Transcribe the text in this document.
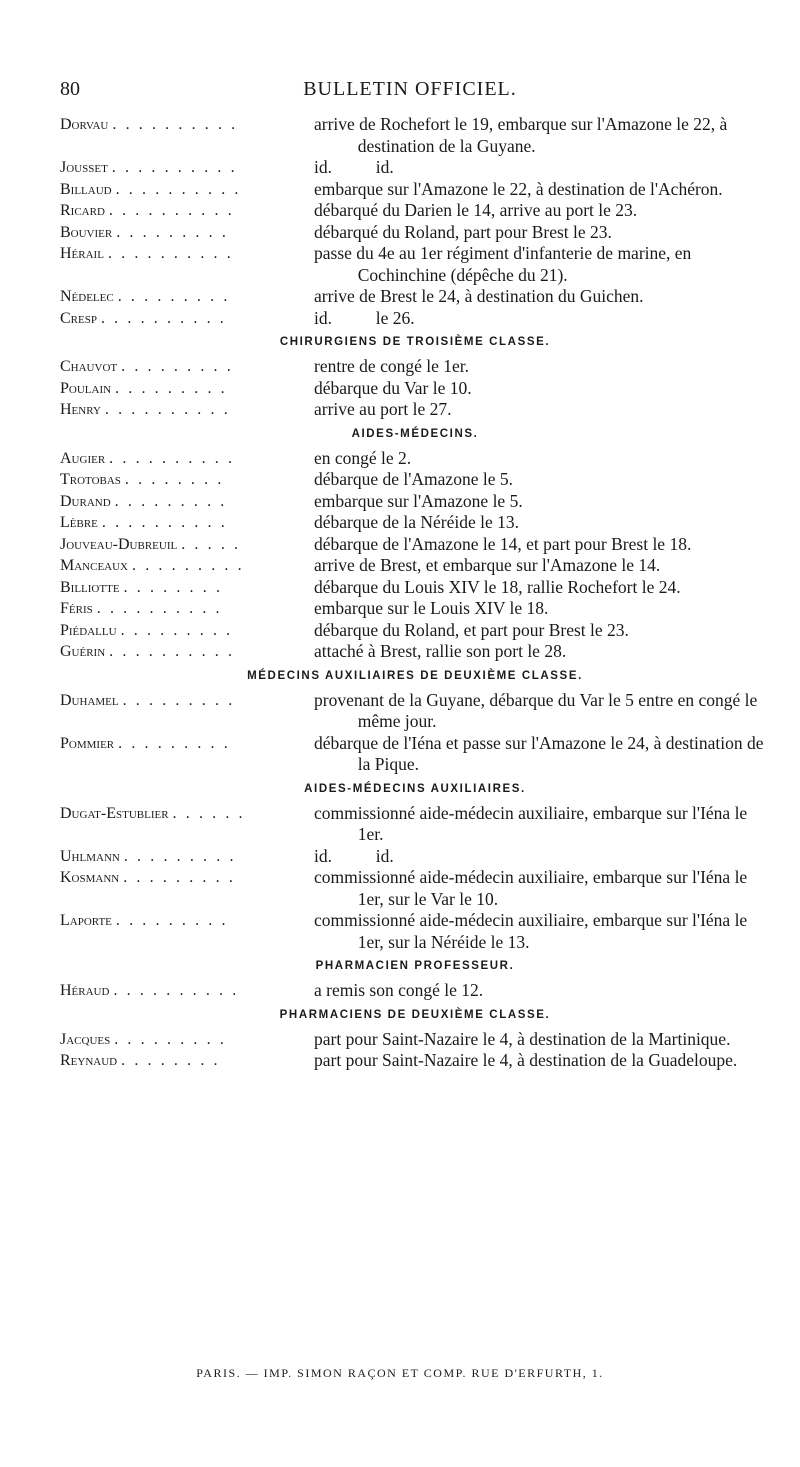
80	BULLETIN OFFICIEL.
Dorvau . . . . . . . . . .	arrive de Rochefort le 19, embarque sur l'Amazone le 22, à destination de la Guyane.
Jousset . . . . . . . . . .	id.          id.
Billaud . . . . . . . . . .	embarque sur l'Amazone le 22, à destination de l'Achéron.
Ricard . . . . . . . . . .	débarqué du Darien le 14, arrive au port le 23.
Bouvier . . . . . . . . .	débarqué du Roland, part pour Brest le 23.
Hérail . . . . . . . . . .	passe du 4e au 1er régiment d'infanterie de marine, en Cochinchine (dépêche du 21).
Nédelec . . . . . . . . .	arrive de Brest le 24, à destination du Guichen.
Cresp . . . . . . . . . .	id.          le 26.
CHIRURGIENS DE TROISIÈME CLASSE.
Chauvot . . . . . . . . .	rentre de congé le 1er.
Poulain . . . . . . . . .	débarque du Var le 10.
Henry . . . . . . . . . .	arrive au port le 27.
AIDES-MÉDECINS.
Augier . . . . . . . . . .	en congé le 2.
Trotobas . . . . . . . .	débarque de l'Amazone le 5.
Durand . . . . . . . . .	embarque sur l'Amazone le 5.
Lèbre . . . . . . . . . .	débarque de la Néréide le 13.
Jouveau-Dubreuil . . . . .	débarque de l'Amazone le 14, et part pour Brest le 18.
Manceaux . . . . . . . . .	arrive de Brest, et embarque sur l'Amazone le 14.
Billiotte . . . . . . . .	débarque du Louis XIV le 18, rallie Rochefort le 24.
Féris . . . . . . . . . .	embarque sur le Louis XIV le 18.
Piédallu . . . . . . . . .	débarque du Roland, et part pour Brest le 23.
Guérin . . . . . . . . . .	attaché à Brest, rallie son port le 28.
MÉDECINS AUXILIAIRES DE DEUXIÈME CLASSE.
Duhamel . . . . . . . . .	provenant de la Guyane, débarque du Var le 5 entre en congé le même jour.
Pommier . . . . . . . . .	débarque de l'Iéna et passe sur l'Amazone le 24, à destination de la Pique.
AIDES-MÉDECINS AUXILIAIRES.
Dugat-Estublier . . . . . .	commissionné aide-médecin auxiliaire, embarque sur l'Iéna le 1er.
Uhlmann . . . . . . . . .	id.          id.
Kosmann . . . . . . . . .	commissionné aide-médecin auxiliaire, embarque sur l'Iéna le 1er, sur le Var le 10.
Laporte . . . . . . . . .	commissionné aide-médecin auxiliaire, embarque sur l'Iéna le 1er, sur la Néréide le 13.
PHARMACIEN PROFESSEUR.
Héraud . . . . . . . . . .	a remis son congé le 12.
PHARMACIENS DE DEUXIÈME CLASSE.
Jacques . . . . . . . . .	part pour Saint-Nazaire le 4, à destination de la Martinique.
Reynaud . . . . . . . .	part pour Saint-Nazaire le 4, à destination de la Guadeloupe.
PARIS. — IMP. SIMON RAÇON ET COMP. RUE D'ERFURTH, 1.
